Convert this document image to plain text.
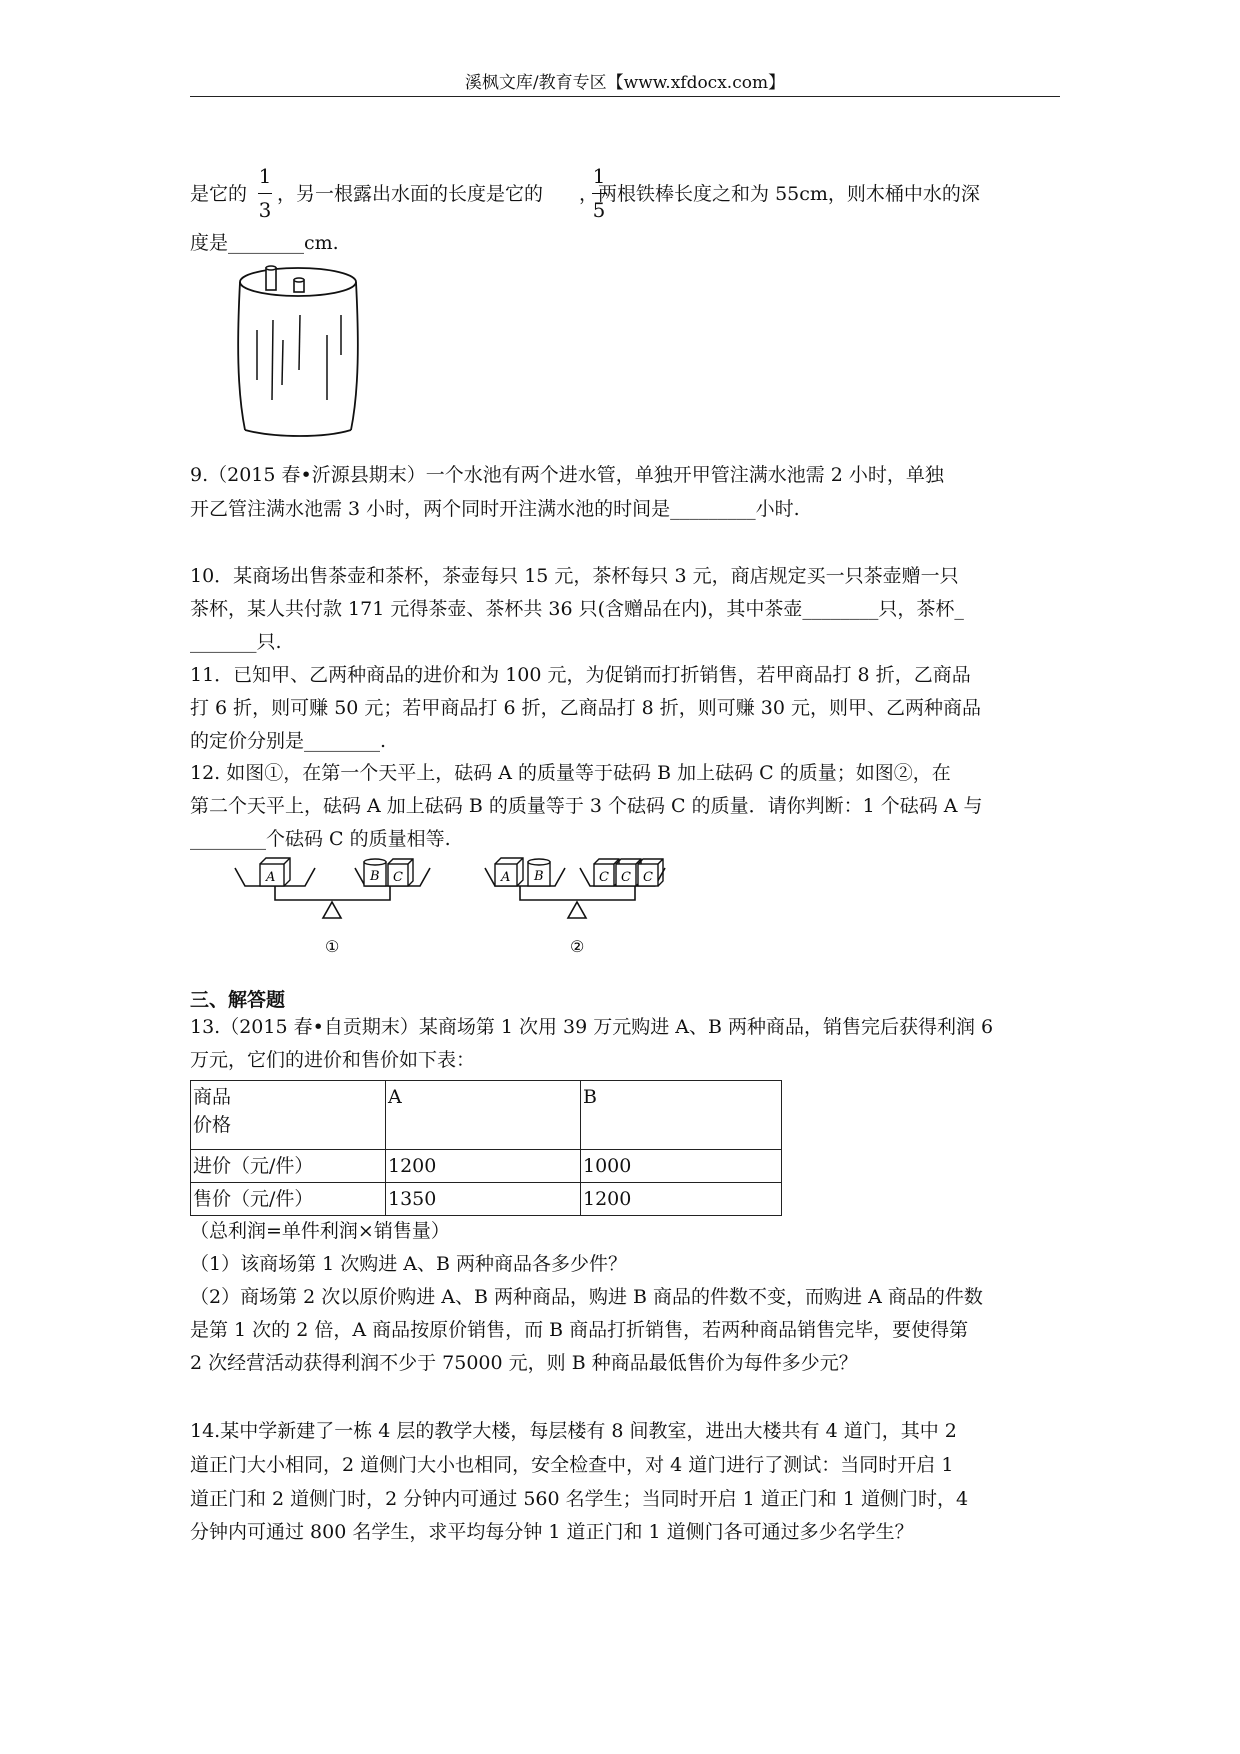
溪枫文库/教育专区【www.xfdocx.com】
是它的 ，另一根露出水面的长度是它的 ，两根铁棒长度之和为 55cm，则木桶中水的深
1
3
1
5
度是________cm.
9.（2015 春•沂源县期末）一个水池有两个进水管，单独开甲管注满水池需 2 小时，单独
开乙管注满水池需 3 小时，两个同时开注满水池的时间是_________小时.
10．某商场出售茶壶和茶杯，茶壶每只 15 元，茶杯每只 3 元，商店规定买一只茶壶赠一只
茶杯，某人共付款 171 元得茶壶、茶杯共 36 只(含赠品在内)，其中茶壶________只，茶杯_
_______只.
11．已知甲、乙两种商品的进价和为 100 元，为促销而打折销售，若甲商品打 8 折，乙商品
打 6 折，则可赚 50 元；若甲商品打 6 折，乙商品打 8 折，则可赚 30 元，则甲、乙两种商品
的定价分别是________.
12. 如图①，在第一个天平上，砝码 A 的质量等于砝码 B 加上砝码 C 的质量；如图②，在
第二个天平上，砝码 A 加上砝码 B 的质量等于 3 个砝码 C 的质量．请你判断：1 个砝码 A 与
________个砝码 C 的质量相等.
A	B C
①
A B	C C C
②
三、解答题
13.（2015 春•自贡期末）某商场第 1 次用 39 万元购进 A、B 两种商品，销售完后获得利润 6
万元，它们的进价和售价如下表：
商品
价格	A	B
进价（元/件）	1200	1000
售价（元/件）	1350	1200
（总利润=单件利润×销售量）
（1）该商场第 1 次购进 A、B 两种商品各多少件？
（2）商场第 2 次以原价购进 A、B 两种商品，购进 B 商品的件数不变，而购进 A 商品的件数
是第 1 次的 2 倍，A 商品按原价销售，而 B 商品打折销售，若两种商品销售完毕，要使得第
2 次经营活动获得利润不少于 75000 元，则 B 种商品最低售价为每件多少元？
14.某中学新建了一栋 4 层的教学大楼，每层楼有 8 间教室，进出大楼共有 4 道门，其中 2
道正门大小相同，2 道侧门大小也相同，安全检查中，对 4 道门进行了测试：当同时开启 1
道正门和 2 道侧门时，2 分钟内可通过 560 名学生；当同时开启 1 道正门和 1 道侧门时，4
分钟内可通过 800 名学生，求平均每分钟 1 道正门和 1 道侧门各可通过多少名学生？
